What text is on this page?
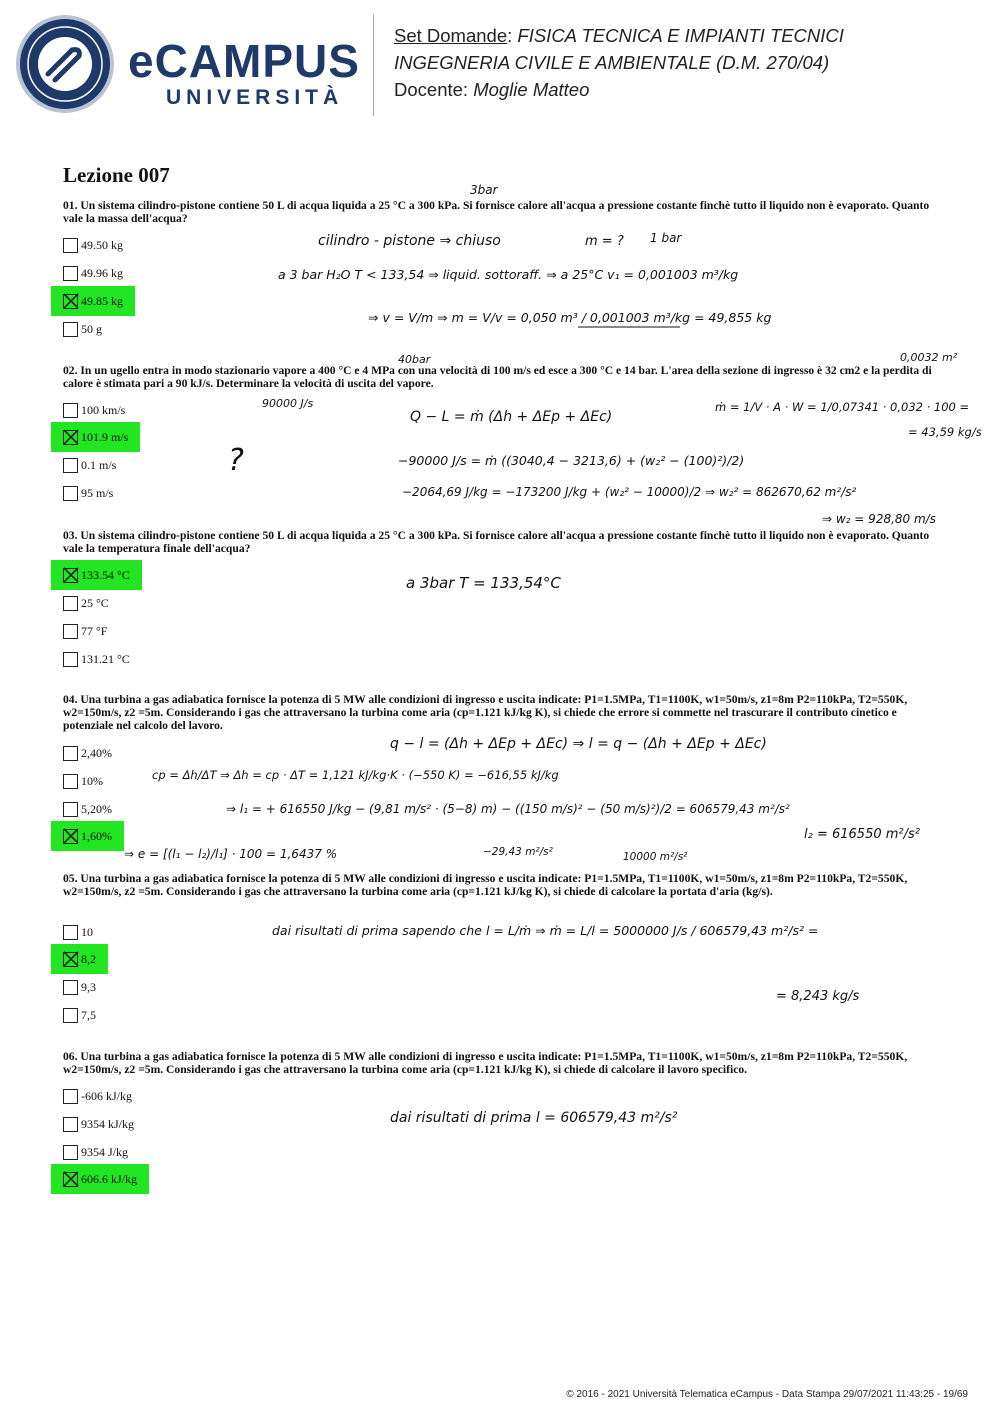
eCAMPUS
UNIVERSITÀ
Set Domande: FISICA TECNICA E IMPIANTI TECNICI
INGEGNERIA CIVILE E AMBIENTALE (D.M. 270/04)
Docente: Moglie Matteo
Lezione 007
01. Un sistema cilindro-pistone contiene 50 L di acqua liquida a 25 °C a 300 kPa. Si fornisce calore all'acqua a pressione costante finchè tutto il liquido non è evaporato. Quanto vale la massa dell'acqua?
49.50 kg
49.96 kg
49.85 kg
50 g
02. In un ugello entra in modo stazionario vapore a 400 °C e 4 MPa con una velocità di 100 m/s ed esce a 300 °C e 14 bar. L'area della sezione di ingresso è 32 cm2 e la perdita di calore è stimata pari a 90 kJ/s. Determinare la velocità di uscita del vapore.
100 km/s
101.9 m/s
0.1 m/s
95 m/s
03. Un sistema cilindro-pistone contiene 50 L di acqua liquida a 25 °C a 300 kPa. Si fornisce calore all'acqua a pressione costante finchè tutto il liquido non è evaporato. Quanto vale la temperatura finale dell'acqua?
133.54 °C
25 °C
77 °F
131.21 °C
04. Una turbina a gas adiabatica fornisce la potenza di 5 MW alle condizioni di ingresso e uscita indicate: P1=1.5MPa, T1=1100K, w1=50m/s, z1=8m P2=110kPa, T2=550K, w2=150m/s, z2 =5m. Considerando i gas che attraversano la turbina come aria (cp=1.121 kJ/kg K), si chiede che errore si commette nel trascurare il contributo cinetico e potenziale nel calcolo del lavoro.
2,40%
10%
5,20%
1,60%
05. Una turbina a gas adiabatica fornisce la potenza di 5 MW alle condizioni di ingresso e uscita indicate: P1=1.5MPa, T1=1100K, w1=50m/s, z1=8m P2=110kPa, T2=550K, w2=150m/s, z2 =5m. Considerando i gas che attraversano la turbina come aria (cp=1.121 kJ/kg K), si chiede di calcolare la portata d'aria (kg/s).
10
8,2
9,3
7,5
06. Una turbina a gas adiabatica fornisce la potenza di 5 MW alle condizioni di ingresso e uscita indicate: P1=1.5MPa, T1=1100K, w1=50m/s, z1=8m P2=110kPa, T2=550K, w2=150m/s, z2 =5m. Considerando i gas che attraversano la turbina come aria (cp=1.121 kJ/kg K), si chiede di calcolare il lavoro specifico.
-606 kJ/kg
9354 kJ/kg
9354 J/kg
606.6 kJ/kg
3bar
cilindro - pistone ⇒ chiuso	m = ? 1 bar
a 3 bar H₂O T < 133,54 ⇒ liquid. sottoraff. ⇒ a 25°C v₁ = 0,001003 m³/kg
⇒ v = V/m ⇒ m = V/v = 0,050 m³ / 0,001003 m³/kg = 49,855 kg
40bar	0,0032 m²
90000 J/s
Q − L = ṁ (Δh + ΔEp + ΔEc)
ṁ = 1/V · A · W = 1/0,07341 · 0,032 · 100 =
= 43,59 kg/s
?	−90000 J/s = ṁ ((3040,4 − 3213,6) + (w₂² − (100)²)/2)
−2064,69 J/kg = −173200 J/kg + (w₂² − 10000)/2 ⇒ w₂² = 862670,62 m²/s²
⇒ w₂ = 928,80 m/s
a 3bar T = 133,54°C
q − l = (Δh + ΔEp + ΔEc) ⇒ l = q − (Δh + ΔEp + ΔEc)
cp = Δh/ΔT ⇒ Δh = cp · ΔT = 1,121 kJ/kg·K · (−550 K) = −616,55 kJ/kg
⇒ l₁ = + 616550 J/kg − (9,81 m/s² · (5−8) m) − ((150 m/s)² − (50 m/s)²)/2 = 606579,43 m²/s²
−29,43 m²/s²	10000 m²/s²
l₂ = 616550 m²/s²
⇒ e = [(l₁ − l₂)/l₁] · 100 = 1,6437 %
dai risultati di prima sapendo che l = L/ṁ ⇒ ṁ = L/l = 5000000 J/s / 606579,43 m²/s² =
= 8,243 kg/s
dai risultati di prima l = 606579,43 m²/s²
© 2016 - 2021 Università Telematica eCampus - Data Stampa 29/07/2021 11:43:25 - 19/69
